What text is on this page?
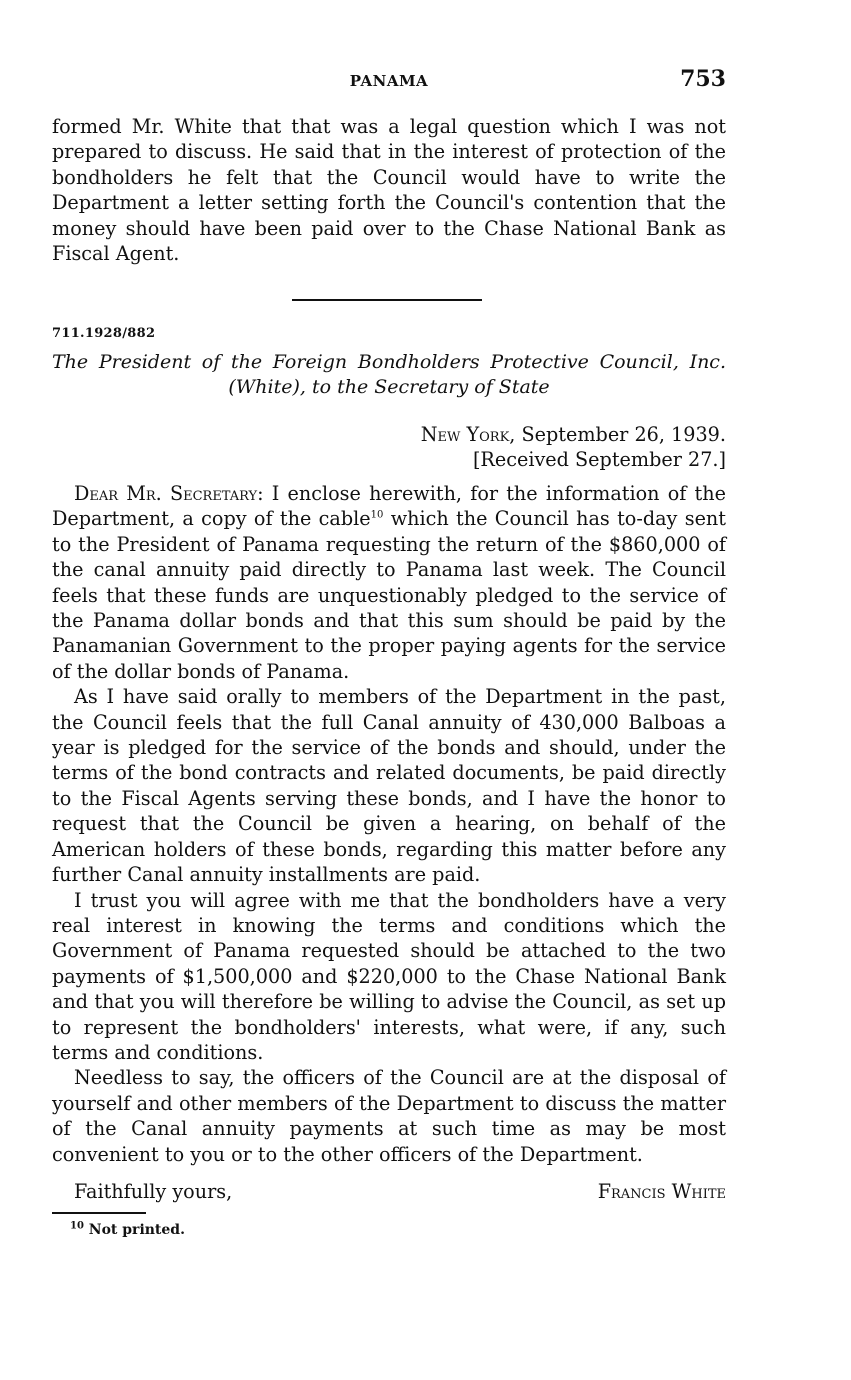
PANAMA	753
formed Mr. White that that was a legal question which I was not prepared to discuss. He said that in the interest of protection of the bondholders he felt that the Council would have to write the Department a letter setting forth the Council's contention that the money should have been paid over to the Chase National Bank as Fiscal Agent.
711.1928/882
The President of the Foreign Bondholders Protective Council, Inc.
(White), to the Secretary of State
New York, September 26, 1939.
[Received September 27.]

Dear Mr. Secretary: I enclose herewith, for the information of the Department, a copy of the cable$^{10}$ which the Council has to-day sent to the President of Panama requesting the return of the $860,000 of the canal annuity paid directly to Panama last week. The Council feels that these funds are unquestionably pledged to the service of the Panama dollar bonds and that this sum should be paid by the Panamanian Government to the proper paying agents for the service of the dollar bonds of Panama.

As I have said orally to members of the Department in the past, the Council feels that the full Canal annuity of 430,000 Balboas a year is pledged for the service of the bonds and should, under the terms of the bond contracts and related documents, be paid directly to the Fiscal Agents serving these bonds, and I have the honor to request that the Council be given a hearing, on behalf of the American holders of these bonds, regarding this matter before any further Canal annuity installments are paid.

I trust you will agree with me that the bondholders have a very real interest in knowing the terms and conditions which the Government of Panama requested should be attached to the two payments of $1,500,000 and $220,000 to the Chase National Bank and that you will therefore be willing to advise the Council, as set up to represent the bondholders' interests, what were, if any, such terms and conditions.

Needless to say, the officers of the Council are at the disposal of yourself and other members of the Department to discuss the matter of the Canal annuity payments at such time as may be most convenient to you or to the other officers of the Department.

Faithfully yours,	Francis White
$^{10}$ Not printed.
